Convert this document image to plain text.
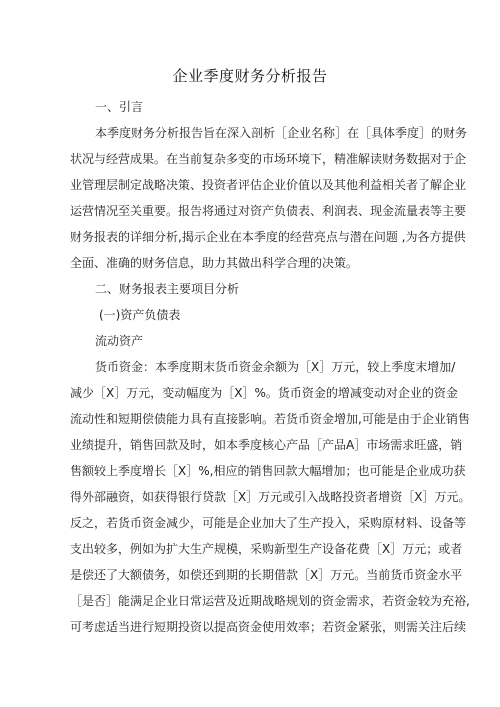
企业季度财务分析报告
一、引言
本季度财务分析报告旨在深入剖析［企业名称］在［具体季度］的财务
状况与经营成果。在当前复杂多变的市场环境下，精准解读财务数据对于企
业管理层制定战略决策、投资者评估企业价值以及其他利益相关者了解企业
运营情况至关重要。报告将通过对资产负债表、利润表、现金流量表等主要
财务报表的详细分析,揭示企业在本季度的经营亮点与潜在问题 ,为各方提供
全面、准确的财务信息，助力其做出科学合理的决策。
二、财务报表主要项目分析
(一)资产负债表
流动资产
货币资金：本季度期末货币资金余额为［X］万元，较上季度末增加/
减少［X］万元，变动幅度为［X］%。货币资金的增减变动对企业的资金
流动性和短期偿债能力具有直接影响。若货币资金增加,可能是由于企业销售
业绩提升，销售回款及时，如本季度核心产品［产品A］市场需求旺盛，销
售额较上季度增长［X］%,相应的销售回款大幅增加；也可能是企业成功获
得外部融资，如获得银行贷款［X］万元或引入战略投资者增资［X］万元。
反之，若货币资金减少，可能是企业加大了生产投入，采购原材料、设备等
支出较多，例如为扩大生产规模，采购新型生产设备花费［X］万元；或者
是偿还了大额债务，如偿还到期的长期借款［X］万元。当前货币资金水平
［是否］能满足企业日常运营及近期战略规划的资金需求，若资金较为充裕,
可考虑适当进行短期投资以提高资金使用效率；若资金紧张，则需关注后续
